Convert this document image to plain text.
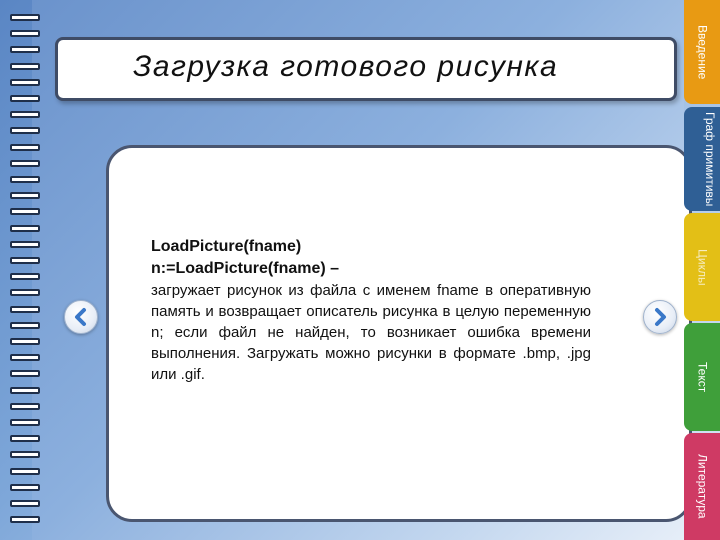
Загрузка готового рисунка
LoadPicture(fname)
n:=LoadPicture(fname) –
загружает рисунок из файла с именем fname в оперативную память и возвращает описатель рисунка в целую переменную n; если файл не найден, то возникает ошибка времени выполнения. Загружать можно рисунки в формате .bmp, .jpg или .gif.
Введение
Граф примитивы
Циклы
Текст
Литература
